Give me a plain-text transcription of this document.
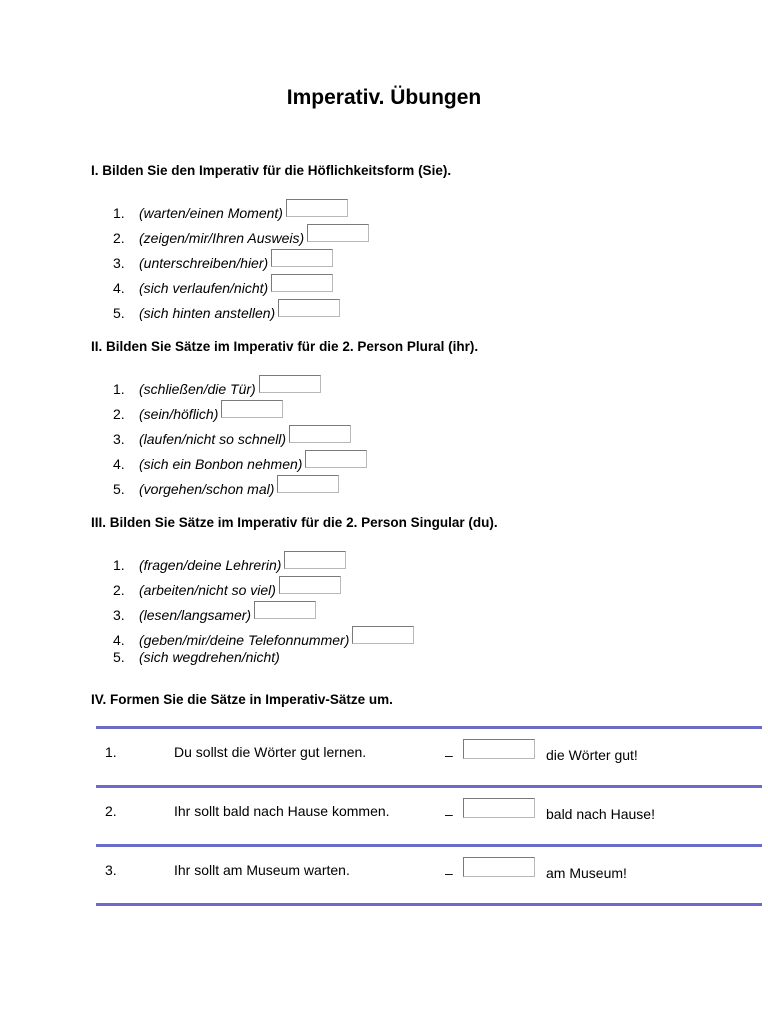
Imperativ. Übungen
I. Bilden Sie den Imperativ für die Höflichkeitsform (Sie).
1.	(warten/einen Moment)
2.	(zeigen/mir/Ihren Ausweis)
3.	(unterschreiben/hier)
4.	(sich verlaufen/nicht)
5.	(sich hinten anstellen)
II. Bilden Sie Sätze im Imperativ für die 2. Person Plural (ihr).
1.	(schließen/die Tür)
2.	(sein/höflich)
3.	(laufen/nicht so schnell)
4.	(sich ein Bonbon nehmen)
5.	(vorgehen/schon mal)
III. Bilden Sie Sätze im Imperativ für die 2. Person Singular (du).
1.	(fragen/deine Lehrerin)
2.	(arbeiten/nicht so viel)
3.	(lesen/langsamer)
4.	(geben/mir/deine Telefonnummer)
5.	(sich wegdrehen/nicht)
IV. Formen Sie die Sätze in Imperativ-Sätze um.
1.	Du sollst die Wörter gut lernen.	–	die Wörter gut!
2.	Ihr sollt bald nach Hause kommen.	–	bald nach Hause!
3.	Ihr sollt am Museum warten.	–	am Museum!
